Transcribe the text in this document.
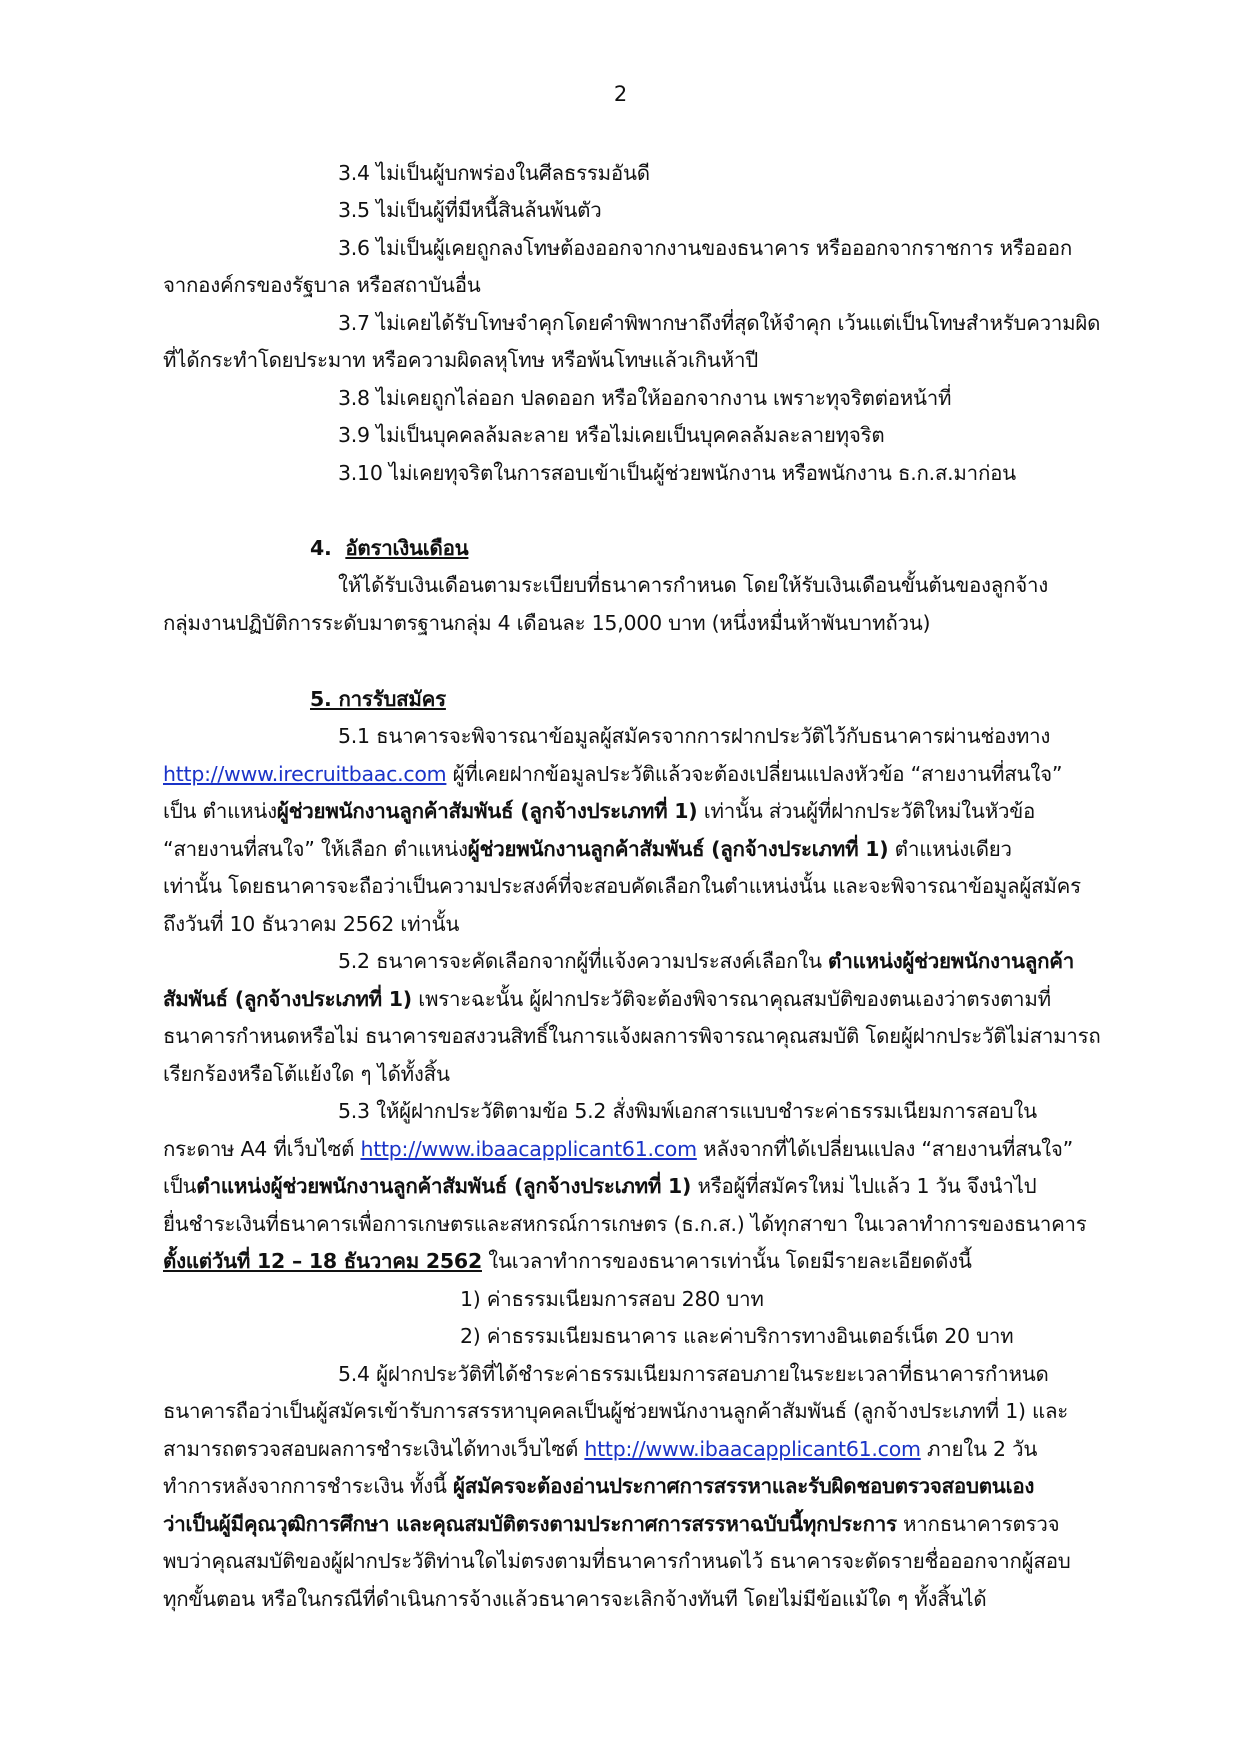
2
3.4 ไม่เป็นผู้บกพร่องในศีลธรรมอันดี
3.5 ไม่เป็นผู้ที่มีหนี้สินล้นพ้นตัว
3.6 ไม่เป็นผู้เคยถูกลงโทษต้องออกจากงานของธนาคาร หรือออกจากราชการ หรือออก
จากองค์กรของรัฐบาล หรือสถาบันอื่น
3.7 ไม่เคยได้รับโทษจำคุกโดยคำพิพากษาถึงที่สุดให้จำคุก เว้นแต่เป็นโทษสำหรับความผิด
ที่ได้กระทำโดยประมาท หรือความผิดลหุโทษ หรือพ้นโทษแล้วเกินห้าปี
3.8 ไม่เคยถูกไล่ออก ปลดออก หรือให้ออกจากงาน เพราะทุจริตต่อหน้าที่
3.9 ไม่เป็นบุคคลล้มละลาย หรือไม่เคยเป็นบุคคลล้มละลายทุจริต
3.10 ไม่เคยทุจริตในการสอบเข้าเป็นผู้ช่วยพนักงาน หรือพนักงาน ธ.ก.ส.มาก่อน
4. อัตราเงินเดือน
ให้ได้รับเงินเดือนตามระเบียบที่ธนาคารกำหนด โดยให้รับเงินเดือนขั้นต้นของลูกจ้าง
กลุ่มงานปฏิบัติการระดับมาตรฐานกลุ่ม 4 เดือนละ 15,000 บาท (หนึ่งหมื่นห้าพันบาทถ้วน)
5. การรับสมัคร
5.1 ธนาคารจะพิจารณาข้อมูลผู้สมัครจากการฝากประวัติไว้กับธนาคารผ่านช่องทาง
http://www.irecruitbaac.com ผู้ที่เคยฝากข้อมูลประวัติแล้วจะต้องเปลี่ยนแปลงหัวข้อ “สายงานที่สนใจ”
เป็น ตำแหน่งผู้ช่วยพนักงานลูกค้าสัมพันธ์ (ลูกจ้างประเภทที่ 1) เท่านั้น ส่วนผู้ที่ฝากประวัติใหม่ในหัวข้อ
“สายงานที่สนใจ” ให้เลือก ตำแหน่งผู้ช่วยพนักงานลูกค้าสัมพันธ์ (ลูกจ้างประเภทที่ 1) ตำแหน่งเดียว
เท่านั้น โดยธนาคารจะถือว่าเป็นความประสงค์ที่จะสอบคัดเลือกในตำแหน่งนั้น และจะพิจารณาข้อมูลผู้สมัคร
ถึงวันที่ 10 ธันวาคม 2562 เท่านั้น
5.2 ธนาคารจะคัดเลือกจากผู้ที่แจ้งความประสงค์เลือกใน ตำแหน่งผู้ช่วยพนักงานลูกค้า
สัมพันธ์ (ลูกจ้างประเภทที่ 1) เพราะฉะนั้น ผู้ฝากประวัติจะต้องพิจารณาคุณสมบัติของตนเองว่าตรงตามที่
ธนาคารกำหนดหรือไม่ ธนาคารขอสงวนสิทธิ์ในการแจ้งผลการพิจารณาคุณสมบัติ โดยผู้ฝากประวัติไม่สามารถ
เรียกร้องหรือโต้แย้งใด ๆ ได้ทั้งสิ้น
5.3 ให้ผู้ฝากประวัติตามข้อ 5.2 สั่งพิมพ์เอกสารแบบชำระค่าธรรมเนียมการสอบใน
กระดาษ A4 ที่เว็บไซต์ http://www.ibaacapplicant61.com หลังจากที่ได้เปลี่ยนแปลง “สายงานที่สนใจ”
เป็นตำแหน่งผู้ช่วยพนักงานลูกค้าสัมพันธ์ (ลูกจ้างประเภทที่ 1) หรือผู้ที่สมัครใหม่ ไปแล้ว 1 วัน จึงนำไป
ยื่นชำระเงินที่ธนาคารเพื่อการเกษตรและสหกรณ์การเกษตร (ธ.ก.ส.) ได้ทุกสาขา ในเวลาทำการของธนาคาร
ตั้งแต่วันที่ 12 – 18 ธันวาคม 2562 ในเวลาทำการของธนาคารเท่านั้น โดยมีรายละเอียดดังนี้
1) ค่าธรรมเนียมการสอบ 280 บาท
2) ค่าธรรมเนียมธนาคาร และค่าบริการทางอินเตอร์เน็ต 20 บาท
5.4 ผู้ฝากประวัติที่ได้ชำระค่าธรรมเนียมการสอบภายในระยะเวลาที่ธนาคารกำหนด
ธนาคารถือว่าเป็นผู้สมัครเข้ารับการสรรหาบุคคลเป็นผู้ช่วยพนักงานลูกค้าสัมพันธ์ (ลูกจ้างประเภทที่ 1) และ
สามารถตรวจสอบผลการชำระเงินได้ทางเว็บไซต์ http://www.ibaacapplicant61.com ภายใน 2 วัน
ทำการหลังจากการชำระเงิน ทั้งนี้ ผู้สมัครจะต้องอ่านประกาศการสรรหาและรับผิดชอบตรวจสอบตนเอง
ว่าเป็นผู้มีคุณวุฒิการศึกษา และคุณสมบัติตรงตามประกาศการสรรหาฉบับนี้ทุกประการ หากธนาคารตรวจ
พบว่าคุณสมบัติของผู้ฝากประวัติท่านใดไม่ตรงตามที่ธนาคารกำหนดไว้ ธนาคารจะตัดรายชื่อออกจากผู้สอบ
ทุกขั้นตอน หรือในกรณีที่ดำเนินการจ้างแล้วธนาคารจะเลิกจ้างทันที โดยไม่มีข้อแม้ใด ๆ ทั้งสิ้นได้
